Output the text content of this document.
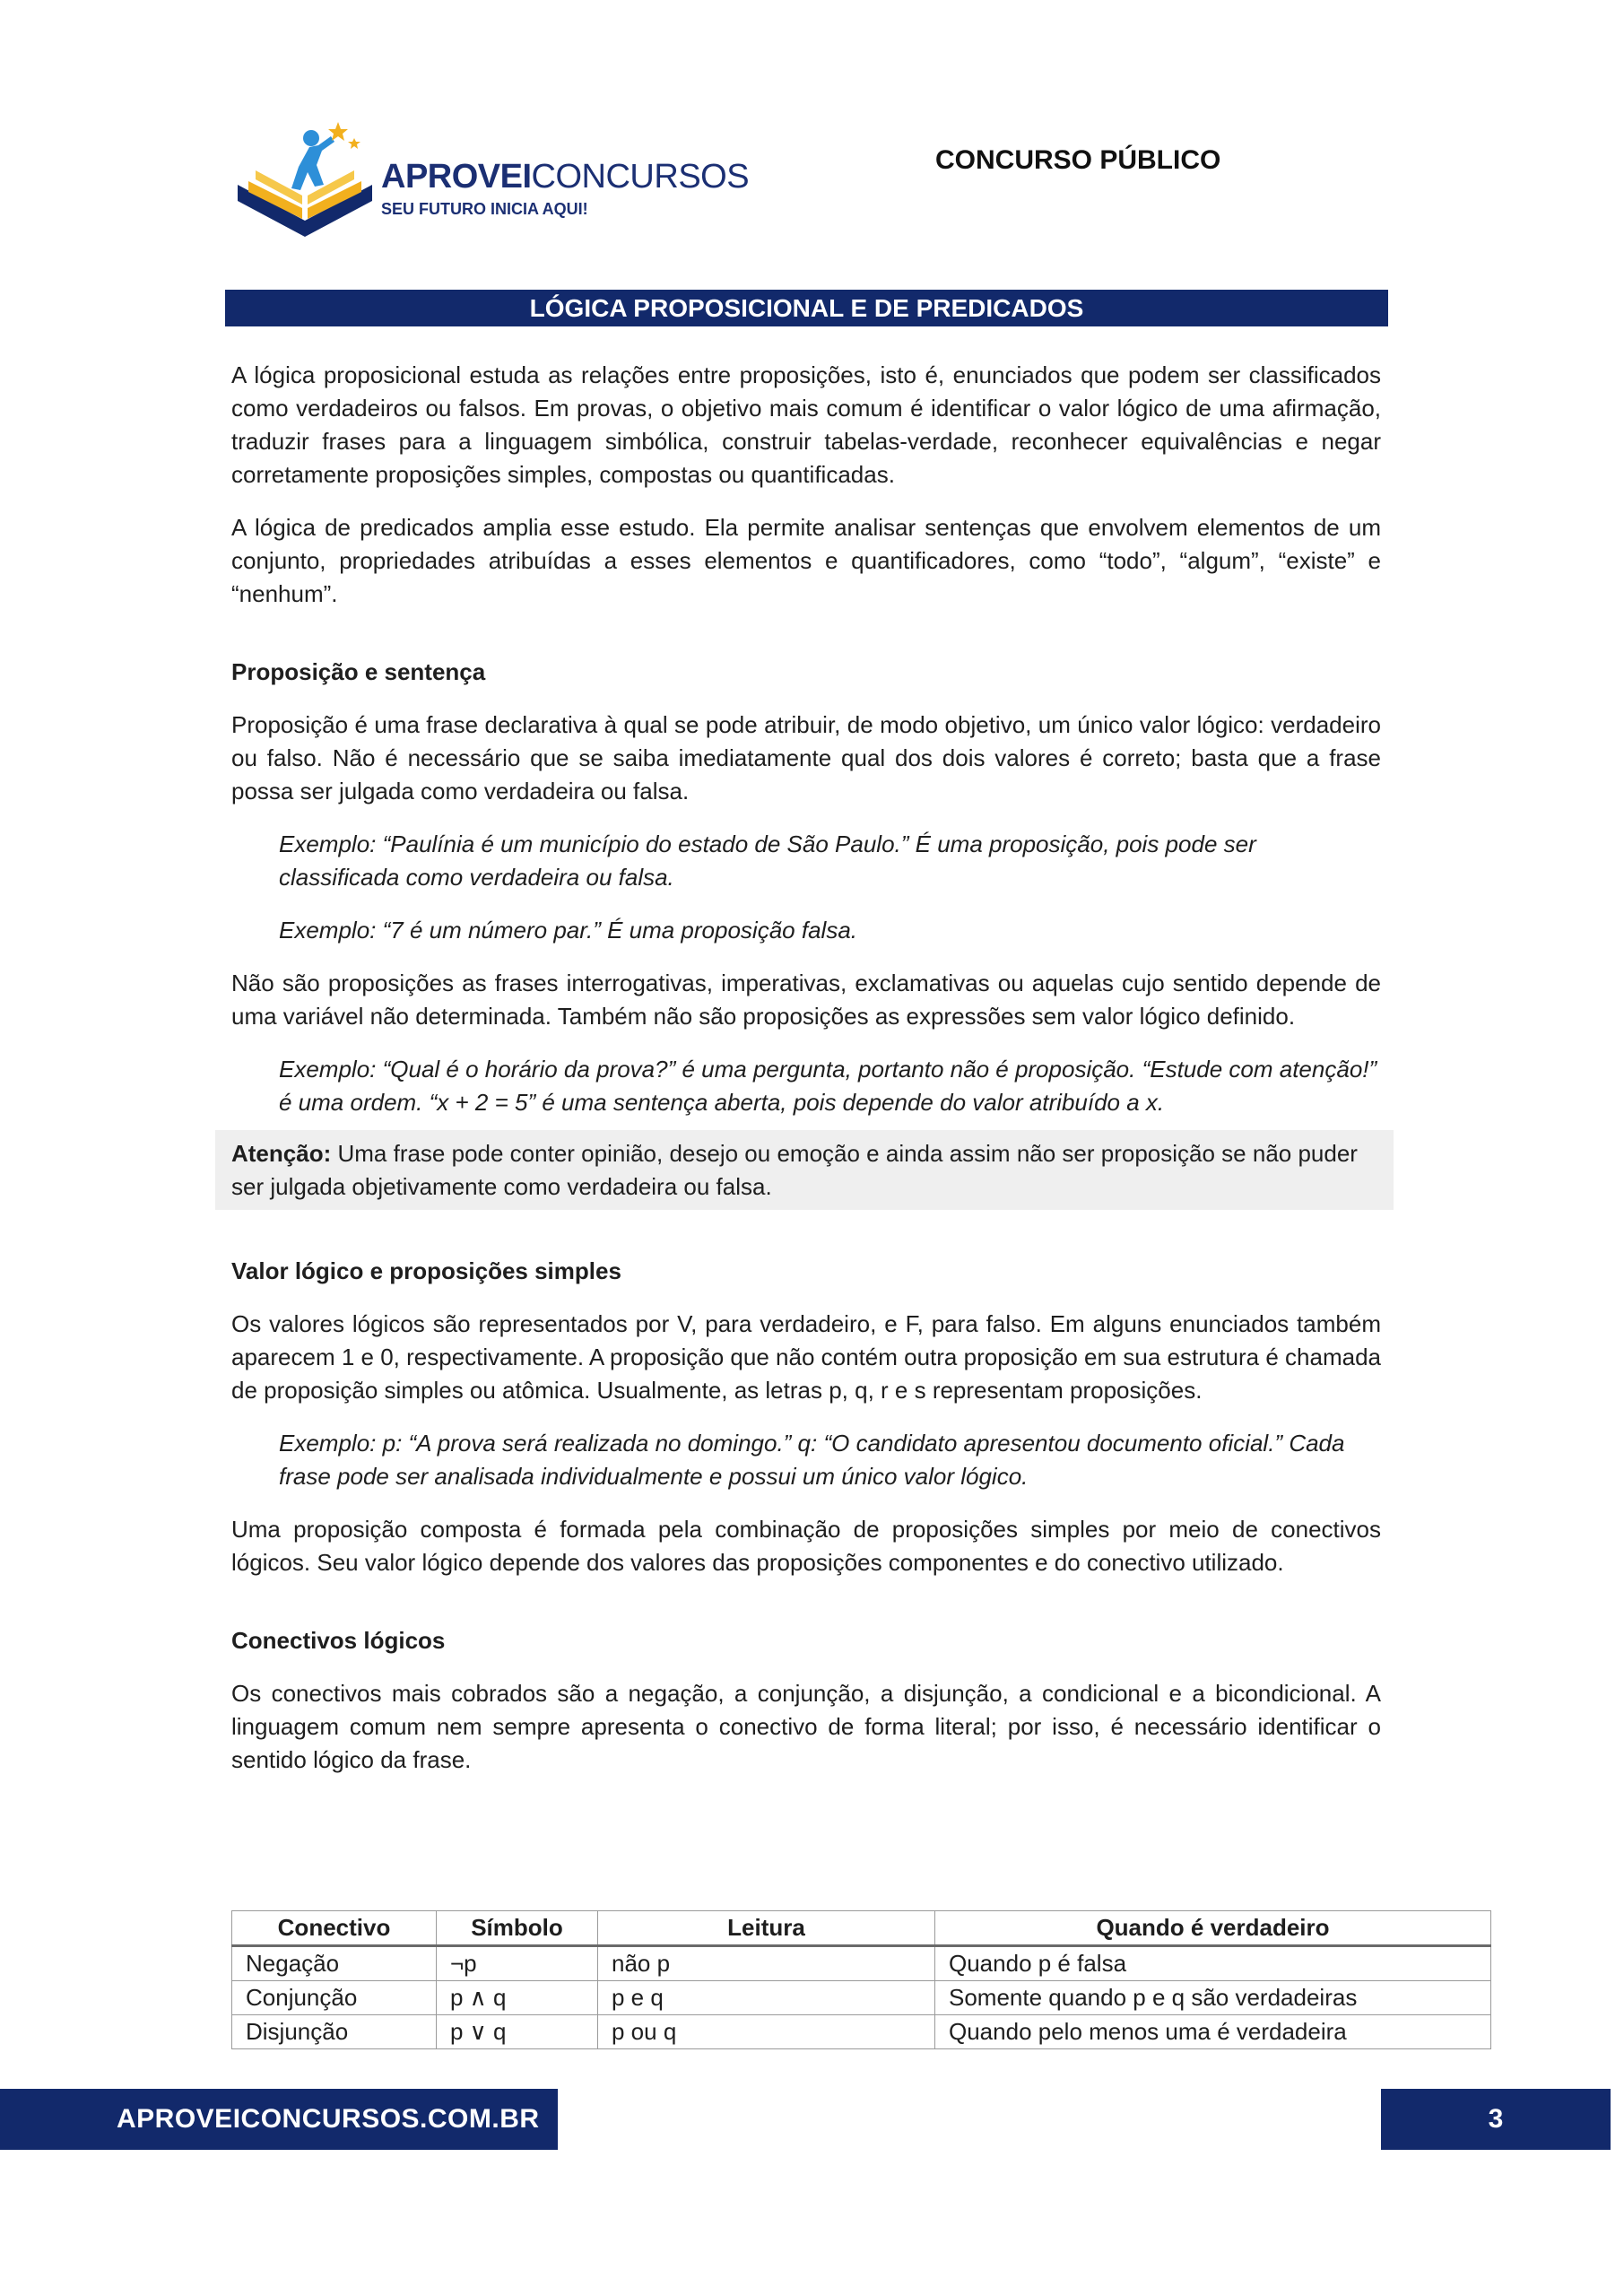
APROVEICONCURSOS
SEU FUTURO INICIA AQUI!
CONCURSO PÚBLICO
LÓGICA PROPOSICIONAL E DE PREDICADOS

A lógica proposicional estuda as relações entre proposições, isto é, enunciados que podem ser classificados como verdadeiros ou falsos. Em provas, o objetivo mais comum é identificar o valor lógico de uma afirmação, traduzir frases para a linguagem simbólica, construir tabelas-verdade, reconhecer equivalências e negar corretamente proposições simples, compostas ou quantificadas.

A lógica de predicados amplia esse estudo. Ela permite analisar sentenças que envolvem elementos de um conjunto, propriedades atribuídas a esses elementos e quantificadores, como “todo”, “algum”, “existe” e “nenhum”.

Proposição e sentença

Proposição é uma frase declarativa à qual se pode atribuir, de modo objetivo, um único valor lógico: verdadeiro ou falso. Não é necessário que se saiba imediatamente qual dos dois valores é correto; basta que a frase possa ser julgada como verdadeira ou falsa.

Exemplo: “Paulínia é um município do estado de São Paulo.” É uma proposição, pois pode ser classificada como verdadeira ou falsa.

Exemplo: “7 é um número par.” É uma proposição falsa.

Não são proposições as frases interrogativas, imperativas, exclamativas ou aquelas cujo sentido depende de uma variável não determinada. Também não são proposições as expressões sem valor lógico definido.

Exemplo: “Qual é o horário da prova?” é uma pergunta, portanto não é proposição. “Estude com atenção!” é uma ordem. “x + 2 = 5” é uma sentença aberta, pois depende do valor atribuído a x.

Atenção: Uma frase pode conter opinião, desejo ou emoção e ainda assim não ser proposição se não puder ser julgada objetivamente como verdadeira ou falsa.
Valor lógico e proposições simples

Os valores lógicos são representados por V, para verdadeiro, e F, para falso. Em alguns enunciados também aparecem 1 e 0, respectivamente. A proposição que não contém outra proposição em sua estrutura é chamada de proposição simples ou atômica. Usualmente, as letras p, q, r e s representam proposições.

Exemplo: p: “A prova será realizada no domingo.” q: “O candidato apresentou documento oficial.” Cada frase pode ser analisada individualmente e possui um único valor lógico.

Uma proposição composta é formada pela combinação de proposições simples por meio de conectivos lógicos. Seu valor lógico depende dos valores das proposições componentes e do conectivo utilizado.

Conectivos lógicos

Os conectivos mais cobrados são a negação, a conjunção, a disjunção, a condicional e a bicondicional. A linguagem comum nem sempre apresenta o conectivo de forma literal; por isso, é necessário identificar o sentido lógico da frase.

Conectivo	Símbolo	Leitura	Quando é verdadeiro
Negação	¬p	não p	Quando p é falsa
Conjunção	p ∧ q	p e q	Somente quando p e q são verdadeiras
Disjunção	p ∨ q	p ou q	Quando pelo menos uma é verdadeira
APROVEICONCURSOS.COM.BR	3
